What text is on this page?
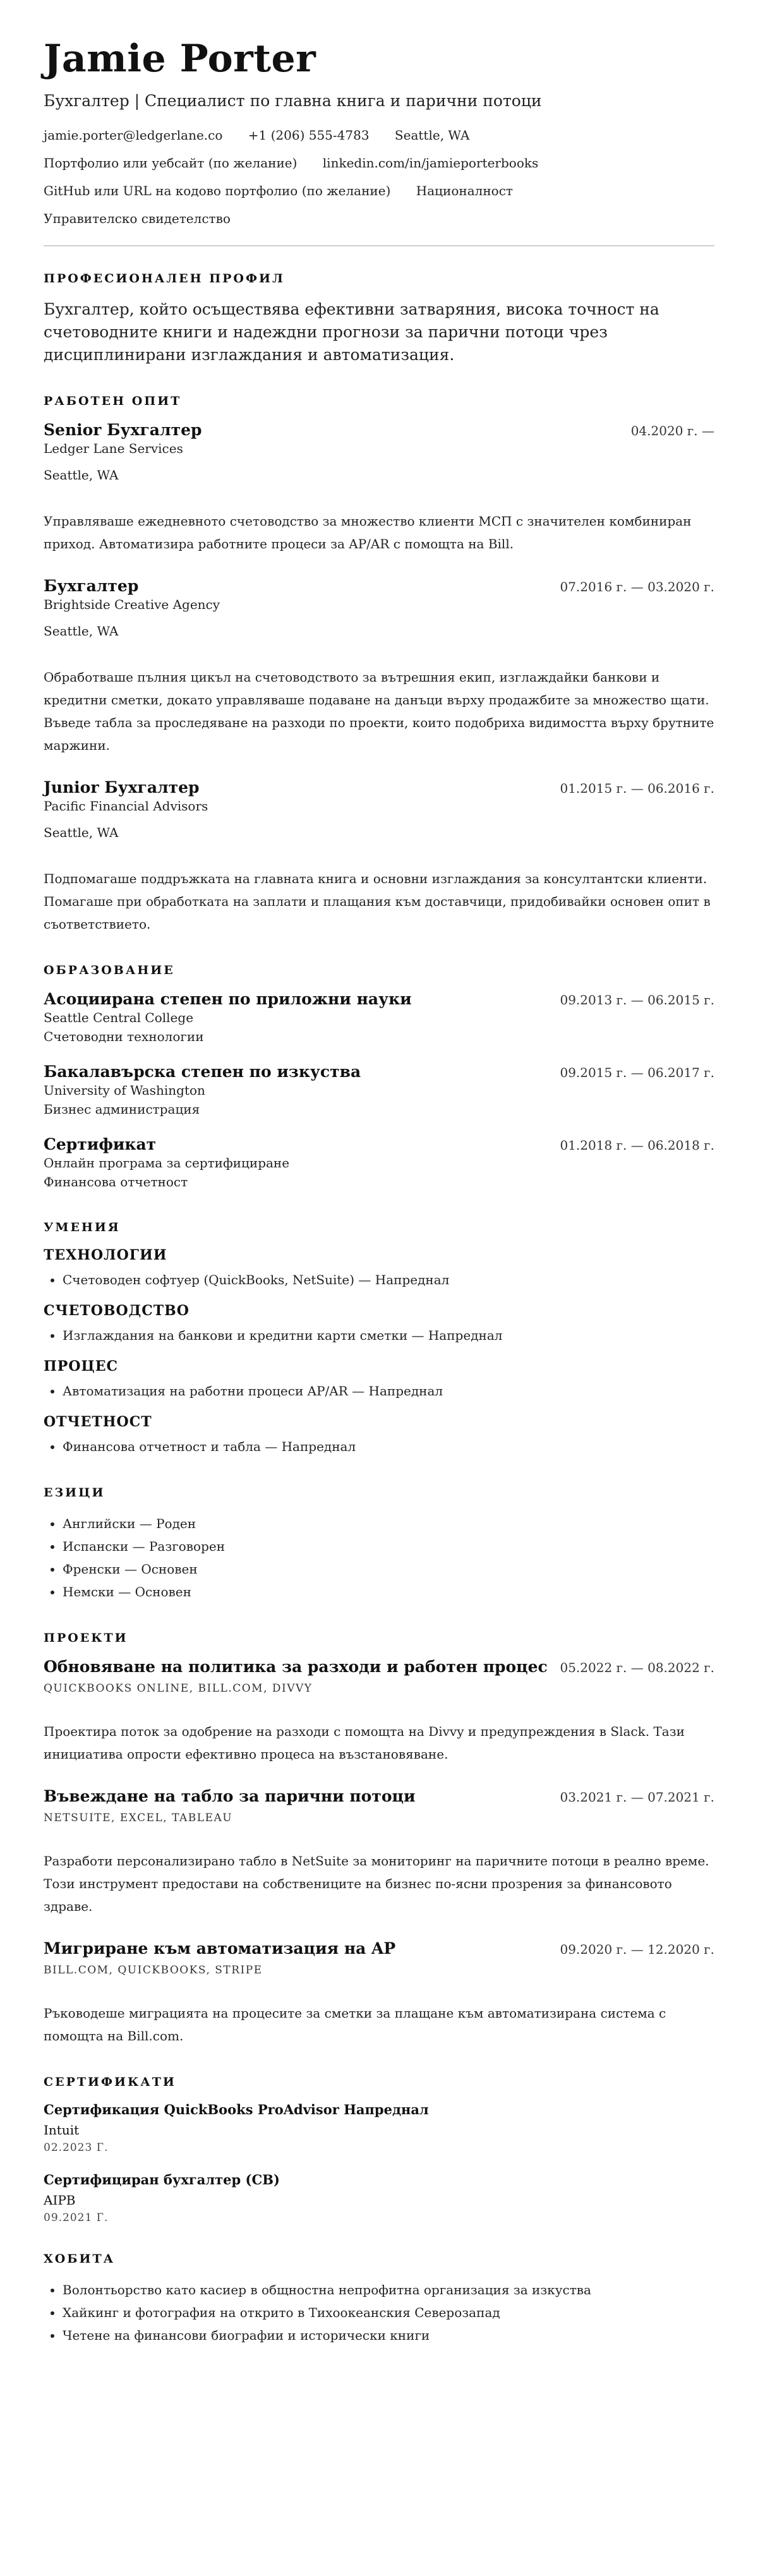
Jamie Porter
Бухгалтер | Специалист по главна книга и парични потоци
jamie.porter@ledgerlane.co +1 (206) 555-4783 Seattle, WA
Портфолио или уебсайт (по желание) linkedin.com/in/jamieporterbooks
GitHub или URL на кодово портфолио (по желание) Националност
Управителско свидетелство
ПРОФЕСИОНАЛЕН ПРОФИЛ

Бухгалтер, който осъществява ефективни затваряния, висока точност на счетоводните книги и надеждни прогнози за парични потоци чрез дисциплинирани изглаждания и автоматизация.

РАБОТЕН ОПИТ
Senior Бухгалтер	04.2020 г. —
Ledger Lane Services
Seattle, WA
Управляваше ежедневното счетоводство за множество клиенти МСП с значителен комбиниран приход. Автоматизира работните процеси за AP/AR с помощта на Bill.
Бухгалтер	07.2016 г. — 03.2020 г.
Brightside Creative Agency
Seattle, WA
Обработваше пълния цикъл на счетоводството за вътрешния екип, изглаждайки банкови и кредитни сметки, докато управляваше подаване на данъци върху продажбите за множество щати. Въведе табла за проследяване на разходи по проекти, които подобриха видимостта върху брутните маржини.
Junior Бухгалтер	01.2015 г. — 06.2016 г.
Pacific Financial Advisors
Seattle, WA
Подпомагаше поддръжката на главната книга и основни изглаждания за консултантски клиенти. Помагаше при обработката на заплати и плащания към доставчици, придобивайки основен опит в съответствието.
ОБРАЗОВАНИЕ
Асоциирана степен по приложни науки	09.2013 г. — 06.2015 г.
Seattle Central College
Счетоводни технологии
Бакалавърска степен по изкуства	09.2015 г. — 06.2017 г.
University of Washington
Бизнес администрация
Сертификат	01.2018 г. — 06.2018 г.
Онлайн програма за сертифициране
Финансова отчетност
УМЕНИЯ
ТЕХНОЛОГИИ
• Счетоводен софтуер (QuickBooks, NetSuite) — Напреднал
СЧЕТОВОДСТВО
• Изглаждания на банкови и кредитни карти сметки — Напреднал
ПРОЦЕС
• Автоматизация на работни процеси AP/AR — Напреднал
ОТЧЕТНОСТ
• Финансова отчетност и табла — Напреднал
ЕЗИЦИ
• Английски — Роден
• Испански — Разговорен
• Френски — Основен
• Немски — Основен
ПРОЕКТИ
Обновяване на политика за разходи и работен процес 05.2022 г. — 08.2022 г.
QUICKBOOKS ONLINE, BILL.COM, DIVVY
Проектира поток за одобрение на разходи с помощта на Divvy и предупреждения в Slack. Тази инициатива опрости ефективно процеса на възстановяване.
Въвеждане на табло за парични потоци	03.2021 г. — 07.2021 г.
NETSUITE, EXCEL, TABLEAU
Разработи персонализирано табло в NetSuite за мониторинг на паричните потоци в реално време. Този инструмент предостави на собствениците на бизнес по-ясни прозрения за финансовото здраве.
Мигриране към автоматизация на AP	09.2020 г. — 12.2020 г.
BILL.COM, QUICKBOOKS, STRIPE
Ръководеше миграцията на процесите за сметки за плащане към автоматизирана система с помощта на Bill.com.
СЕРТИФИКАТИ
Сертификация QuickBooks ProAdvisor Напреднал
Intuit
02.2023 Г.
Сертифициран бухгалтер (CB)
AIPB
09.2021 Г.
ХОБИТА
• Волонтьорство като касиер в общностна непрофитна организация за изкуства
• Хайкинг и фотография на открито в Тихоокеанския Северозапад
• Четене на финансови биографии и исторически книги
